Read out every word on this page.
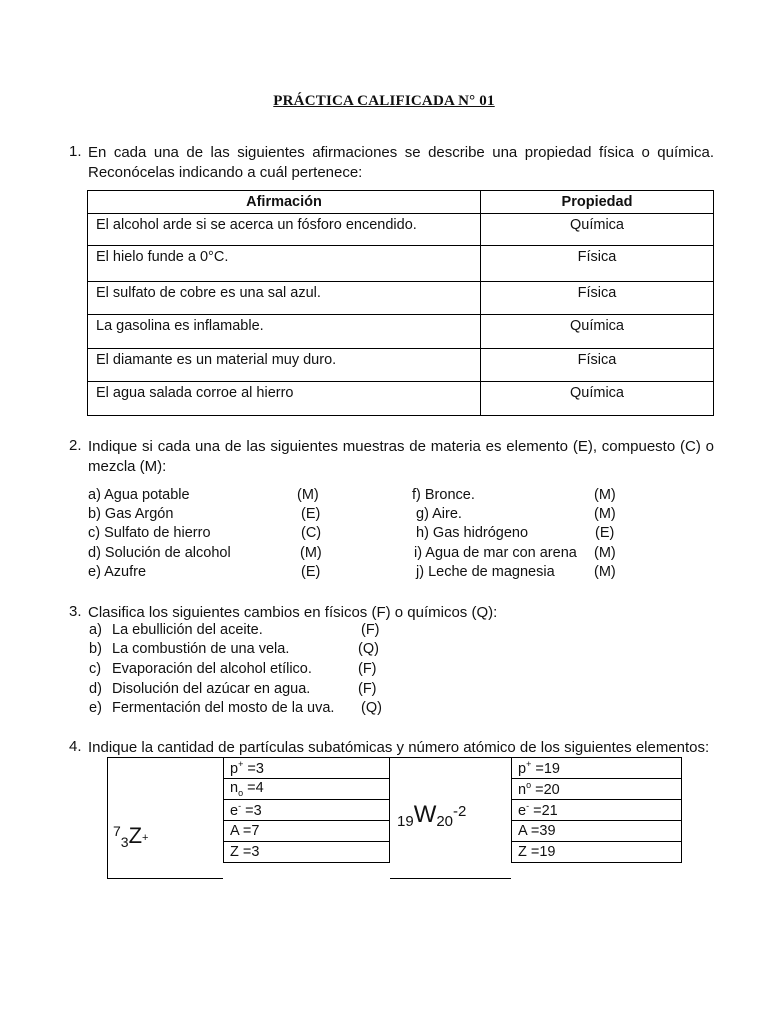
PRÁCTICA CALIFICADA N° 01
1. En cada una de las siguientes afirmaciones se describe una propiedad física o química. Reconócelas indicando a cuál pertenece:
Afirmación	Propiedad
El alcohol arde si se acerca un fósforo encendido.	Química
El hielo funde a 0°C.	Física
El sulfato de cobre es una sal azul.	Física
La gasolina es inflamable.	Química
El diamante es un material muy duro.	Física
El agua salada corroe al hierro	Química
2. Indique si cada una de las siguientes muestras de materia es elemento (E), compuesto (C) o mezcla (M):
a) Agua potable	(M)
b) Gas Argón	(E)
c) Sulfato de hierro	(C)
d) Solución de alcohol	(M)
e) Azufre	(E)
f) Bronce.	(M)
g) Aire.	(M)
h) Gas hidrógeno	(E)
i) Agua de mar con arena (M)
j) Leche de magnesia	(M)
3. Clasifica los siguientes cambios en físicos (F) o químicos (Q):
a) La ebullición del aceite.	(F)
b) La combustión de una vela.	(Q)
c) Evaporación del alcohol etílico.	(F)
d) Disolución del azúcar en agua.	(F)
e) Fermentación del mosto de la uva. (Q)
4. Indique la cantidad de partículas subatómicas y número atómico de los siguientes elementos:
$^7$3Z+
p+ =3
$n_o =4$
e- =3
A =7
Z =3
$19W20^{-2}$
p+ =19
$n^o =20$
e- =21
A =39
Z =19
